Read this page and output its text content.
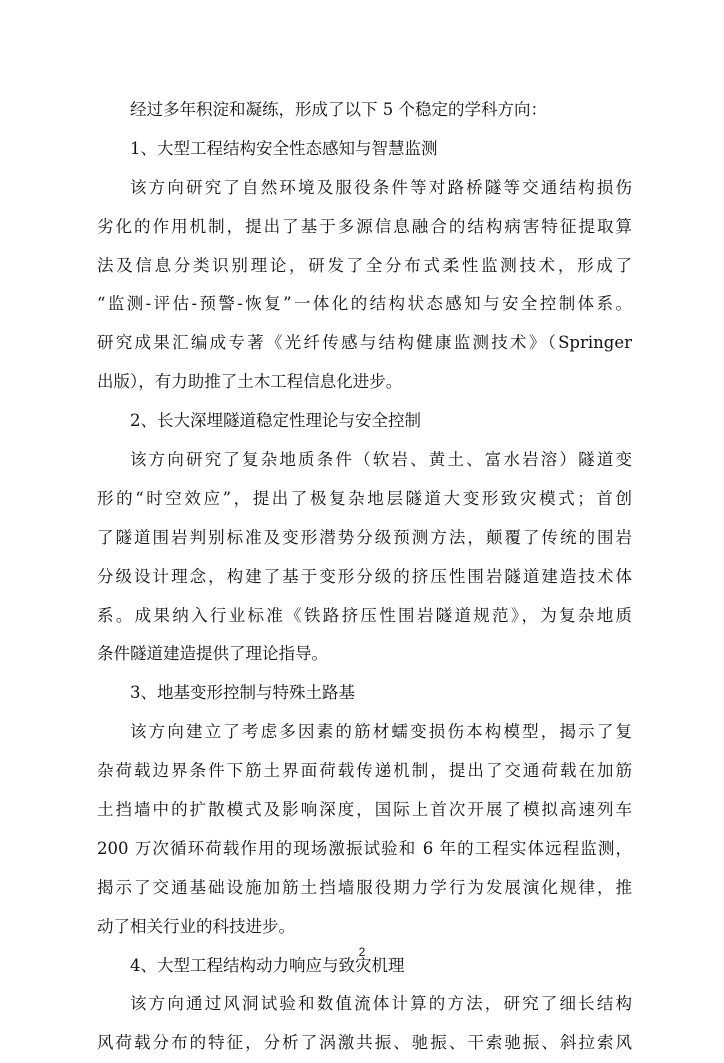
经过多年积淀和凝练，形成了以下 5 个稳定的学科方向：
1、大型工程结构安全性态感知与智慧监测
该方向研究了自然环境及服役条件等对路桥隧等交通结构损伤
劣化的作用机制，提出了基于多源信息融合的结构病害特征提取算
法及信息分类识别理论，研发了全分布式柔性监测技术，形成了
“监测-评估-预警-恢复”一体化的结构状态感知与安全控制体系。
研究成果汇编成专著《光纤传感与结构健康监测技术》（Springer
出版），有力助推了土木工程信息化进步。
2、长大深埋隧道稳定性理论与安全控制
该方向研究了复杂地质条件（软岩、黄土、富水岩溶）隧道变
形的“时空效应”，提出了极复杂地层隧道大变形致灾模式；首创
了隧道围岩判别标准及变形潜势分级预测方法，颠覆了传统的围岩
分级设计理念，构建了基于变形分级的挤压性围岩隧道建造技术体
系。成果纳入行业标准《铁路挤压性围岩隧道规范》，为复杂地质
条件隧道建造提供了理论指导。
3、地基变形控制与特殊土路基
该方向建立了考虑多因素的筋材蠕变损伤本构模型，揭示了复
杂荷载边界条件下筋土界面荷载传递机制，提出了交通荷载在加筋
土挡墙中的扩散模式及影响深度，国际上首次开展了模拟高速列车
200 万次循环荷载作用的现场激振试验和 6 年的工程实体远程监测，
揭示了交通基础设施加筋土挡墙服役期力学行为发展演化规律，推
动了相关行业的科技进步。
4、大型工程结构动力响应与致灾机理
该方向通过风洞试验和数值流体计算的方法，研究了细长结构
风荷载分布的特征，分析了涡激共振、驰振、干索驰振、斜拉索风
2
